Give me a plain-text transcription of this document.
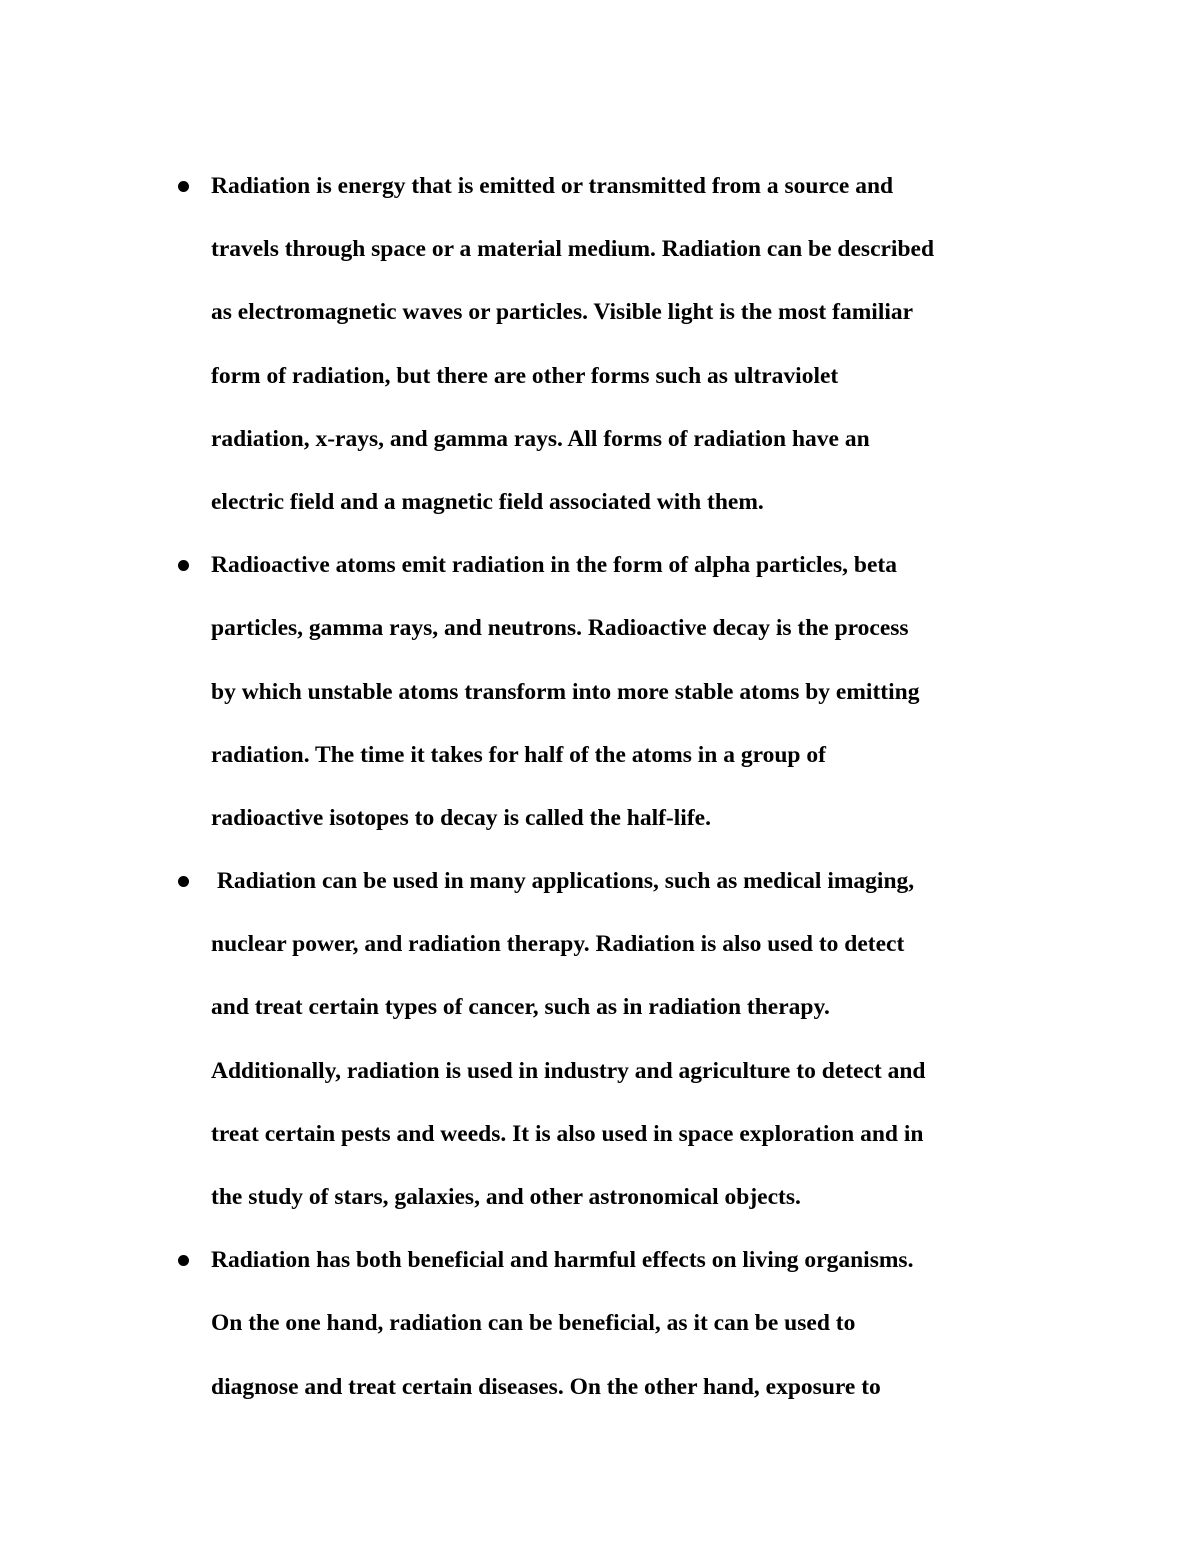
Radiation is energy that is emitted or transmitted from a source and
travels through space or a material medium. Radiation can be described
as electromagnetic waves or particles. Visible light is the most familiar
form of radiation, but there are other forms such as ultraviolet
radiation, x-rays, and gamma rays. All forms of radiation have an
electric field and a magnetic field associated with them.
Radioactive atoms emit radiation in the form of alpha particles, beta
particles, gamma rays, and neutrons. Radioactive decay is the process
by which unstable atoms transform into more stable atoms by emitting
radiation. The time it takes for half of the atoms in a group of
radioactive isotopes to decay is called the half-life.
Radiation can be used in many applications, such as medical imaging,
nuclear power, and radiation therapy. Radiation is also used to detect
and treat certain types of cancer, such as in radiation therapy.
Additionally, radiation is used in industry and agriculture to detect and
treat certain pests and weeds. It is also used in space exploration and in
the study of stars, galaxies, and other astronomical objects.
Radiation has both beneficial and harmful effects on living organisms.
On the one hand, radiation can be beneficial, as it can be used to
diagnose and treat certain diseases. On the other hand, exposure to
